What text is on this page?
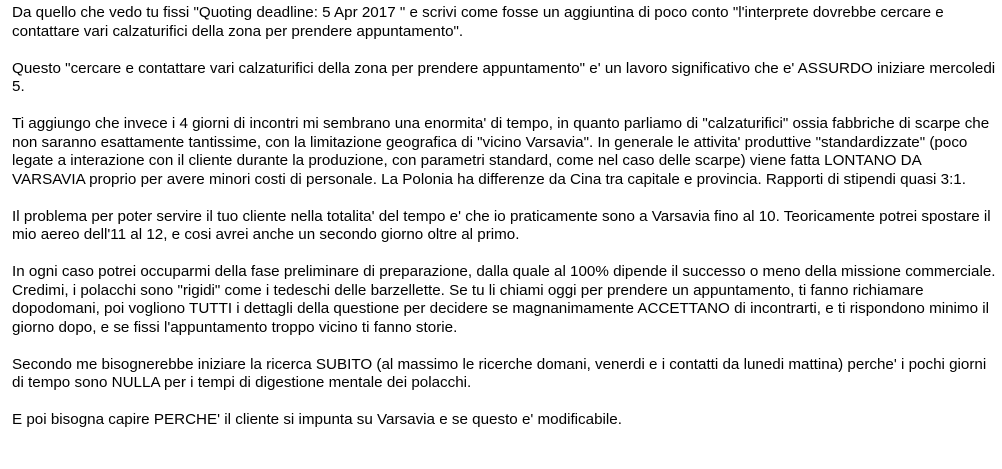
Da quello che vedo tu fissi "Quoting deadline: 5 Apr 2017 " e scrivi come fosse un aggiuntina di poco conto "l'interprete dovrebbe cercare e contattare vari calzaturifici della zona per prendere appuntamento".

Questo "cercare e contattare vari calzaturifici della zona per prendere appuntamento" e' un lavoro significativo che e' ASSURDO iniziare mercoledi 5.

Ti aggiungo che invece i 4 giorni di incontri mi sembrano una enormita' di tempo, in quanto parliamo di "calzaturifici" ossia fabbriche di scarpe che non saranno esattamente tantissime, con la limitazione geografica di "vicino Varsavia". In generale le attivita' produttive "standardizzate" (poco legate a interazione con il cliente durante la produzione, con parametri standard, come nel caso delle scarpe) viene fatta LONTANO DA VARSAVIA proprio per avere minori costi di personale. La Polonia ha differenze da Cina tra capitale e provincia. Rapporti di stipendi quasi 3:1.

Il problema per poter servire il tuo cliente nella totalita' del tempo e' che io praticamente sono a Varsavia fino al 10. Teoricamente potrei spostare il mio aereo dell'11 al 12, e cosi avrei anche un secondo giorno oltre al primo.

In ogni caso potrei occuparmi della fase preliminare di preparazione, dalla quale al 100% dipende il successo o meno della missione commerciale. Credimi, i polacchi sono "rigidi" come i tedeschi delle barzellette. Se tu li chiami oggi per prendere un appuntamento, ti fanno richiamare dopodomani, poi vogliono TUTTI i dettagli della questione per decidere se magnanimamente ACCETTANO di incontrarti, e ti rispondono minimo il giorno dopo, e se fissi l'appuntamento troppo vicino ti fanno storie.

Secondo me bisognerebbe iniziare la ricerca SUBITO (al massimo le ricerche domani, venerdi e i contatti da lunedi mattina) perche' i pochi giorni di tempo sono NULLA per i tempi di digestione mentale dei polacchi.

E poi bisogna capire PERCHE' il cliente si impunta su Varsavia e se questo e' modificabile.
